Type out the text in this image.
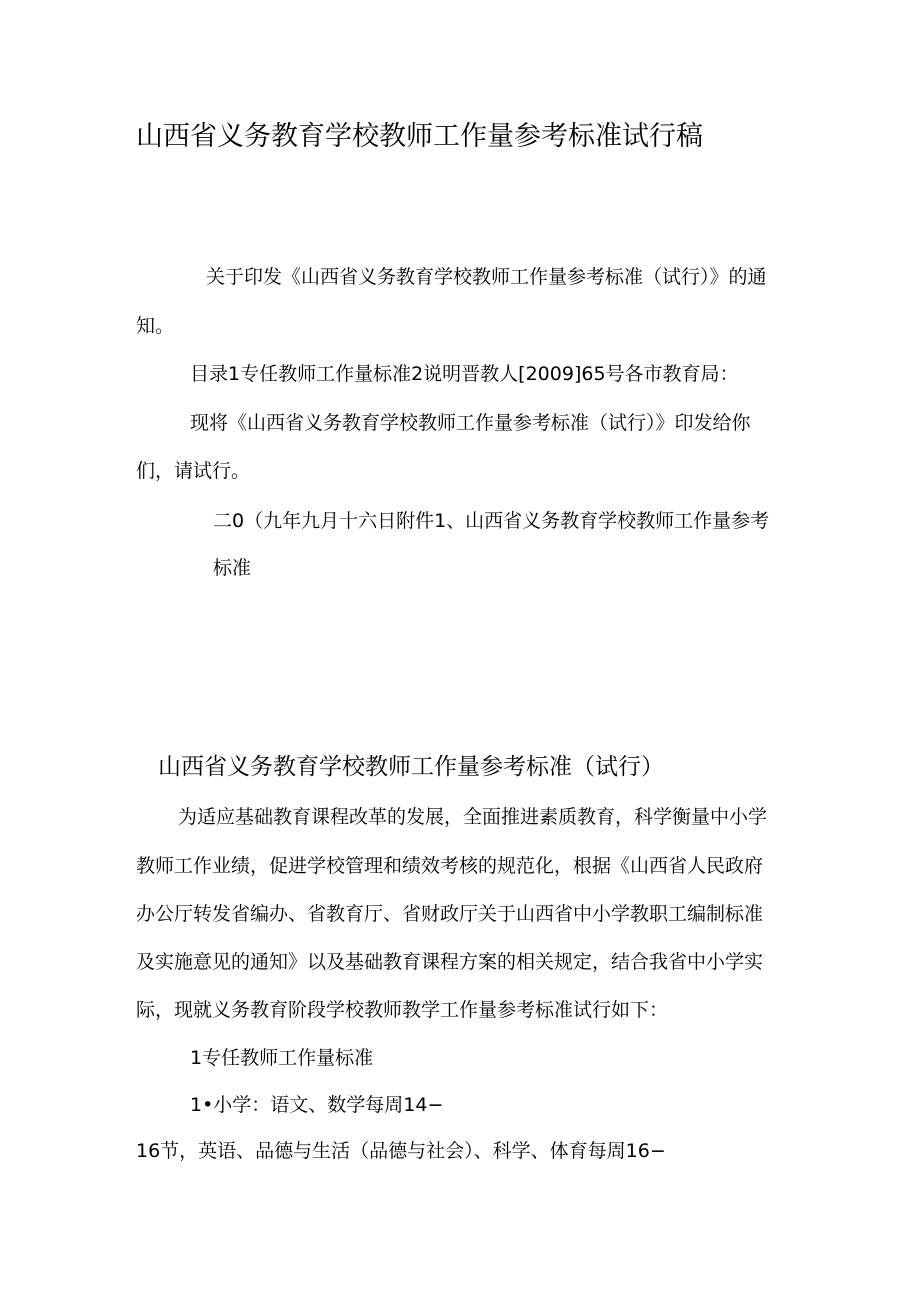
山西省义务教育学校教师工作量参考标准试行稿
关于印发《山西省义务教育学校教师工作量参考标准（试行）》的通
知。
目录1专任教师工作量标准2说明晋教人[2009]65号各市教育局：
现将《山西省义务教育学校教师工作量参考标准（试行）》印发给你
们，请试行。
二0（九年九月十六日附件1、山西省义务教育学校教师工作量参考
标准
山西省义务教育学校教师工作量参考标准（试行）
为适应基础教育课程改革的发展，全面推进素质教育，科学衡量中小学
教师工作业绩，促进学校管理和绩效考核的规范化，根据《山西省人民政府
办公厅转发省编办、省教育厅、省财政厅关于山西省中小学教职工编制标准
及实施意见的通知》以及基础教育课程方案的相关规定，结合我省中小学实
际，现就义务教育阶段学校教师教学工作量参考标准试行如下：
1专任教师工作量标准
1•小学：语文、数学每周14−
16节，英语、品德与生活（品德与社会）、科学、体育每周16−
